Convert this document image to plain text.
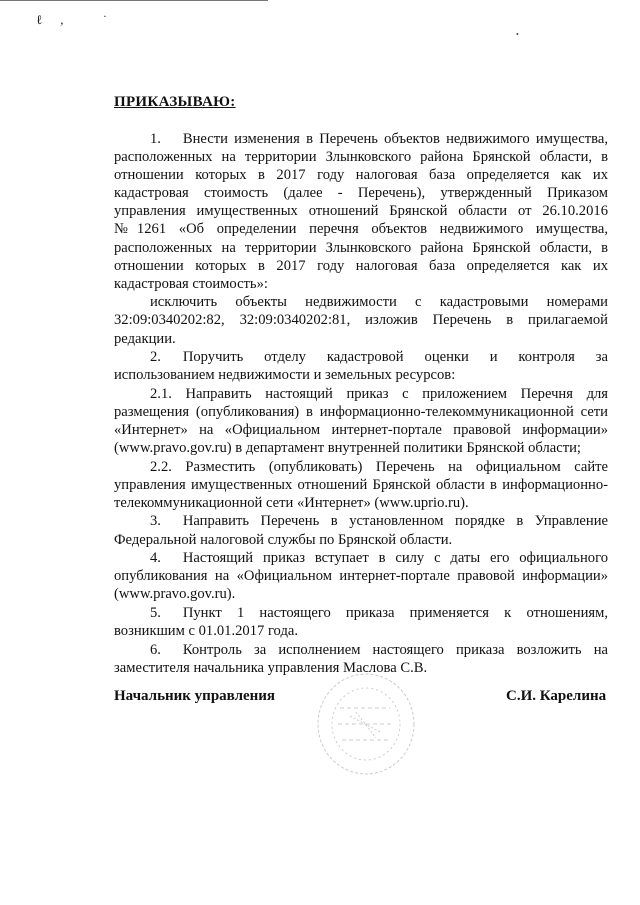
ℓ, ˙
•
ПРИКАЗЫВАЮ:

1.  Внести изменения в Перечень объектов недвижимого имущества, расположенных на территории Злынковского района Брянской области, в отношении которых в 2017 году налоговая база определяется как их кадастровая стоимость (далее - Перечень), утвержденный Приказом управления имущественных отношений Брянской области от 26.10.2016 №1261 «Об определении перечня объектов недвижимого имущества, расположенных на территории Злынковского района Брянской области, в отношении которых в 2017 году налоговая база определяется как их кадастровая стоимость»:

исключить объекты недвижимости с кадастровыми номерами 32:09:0340202:82, 32:09:0340202:81, изложив Перечень в прилагаемой редакции.

2.  Поручить отделу кадастровой оценки и контроля за использованием недвижимости и земельных ресурсов:

2.1. Направить настоящий приказ с приложением Перечня для размещения (опубликования) в информационно-телекоммуникационной сети «Интернет» на «Официальном интернет-портале правовой информации» (www.pravo.gov.ru) в департамент внутренней политики Брянской области;

2.2. Разместить (опубликовать) Перечень на официальном сайте управления имущественных отношений Брянской области в информационно-телекоммуникационной сети «Интернет» (www.uprio.ru).

3.  Направить Перечень в установленном порядке в Управление Федеральной налоговой службы по Брянской области.

4.  Настоящий приказ вступает в силу с даты его официального опубликования на «Официальном интернет-портале правовой информации» (www.pravo.gov.ru).

5.  Пункт 1 настоящего приказа применяется к отношениям, возникшим с 01.01.2017 года.

6.  Контроль за исполнением настоящего приказа возложить на заместителя начальника управления Маслова С.В.

Начальник управления	С.И. Карелина
